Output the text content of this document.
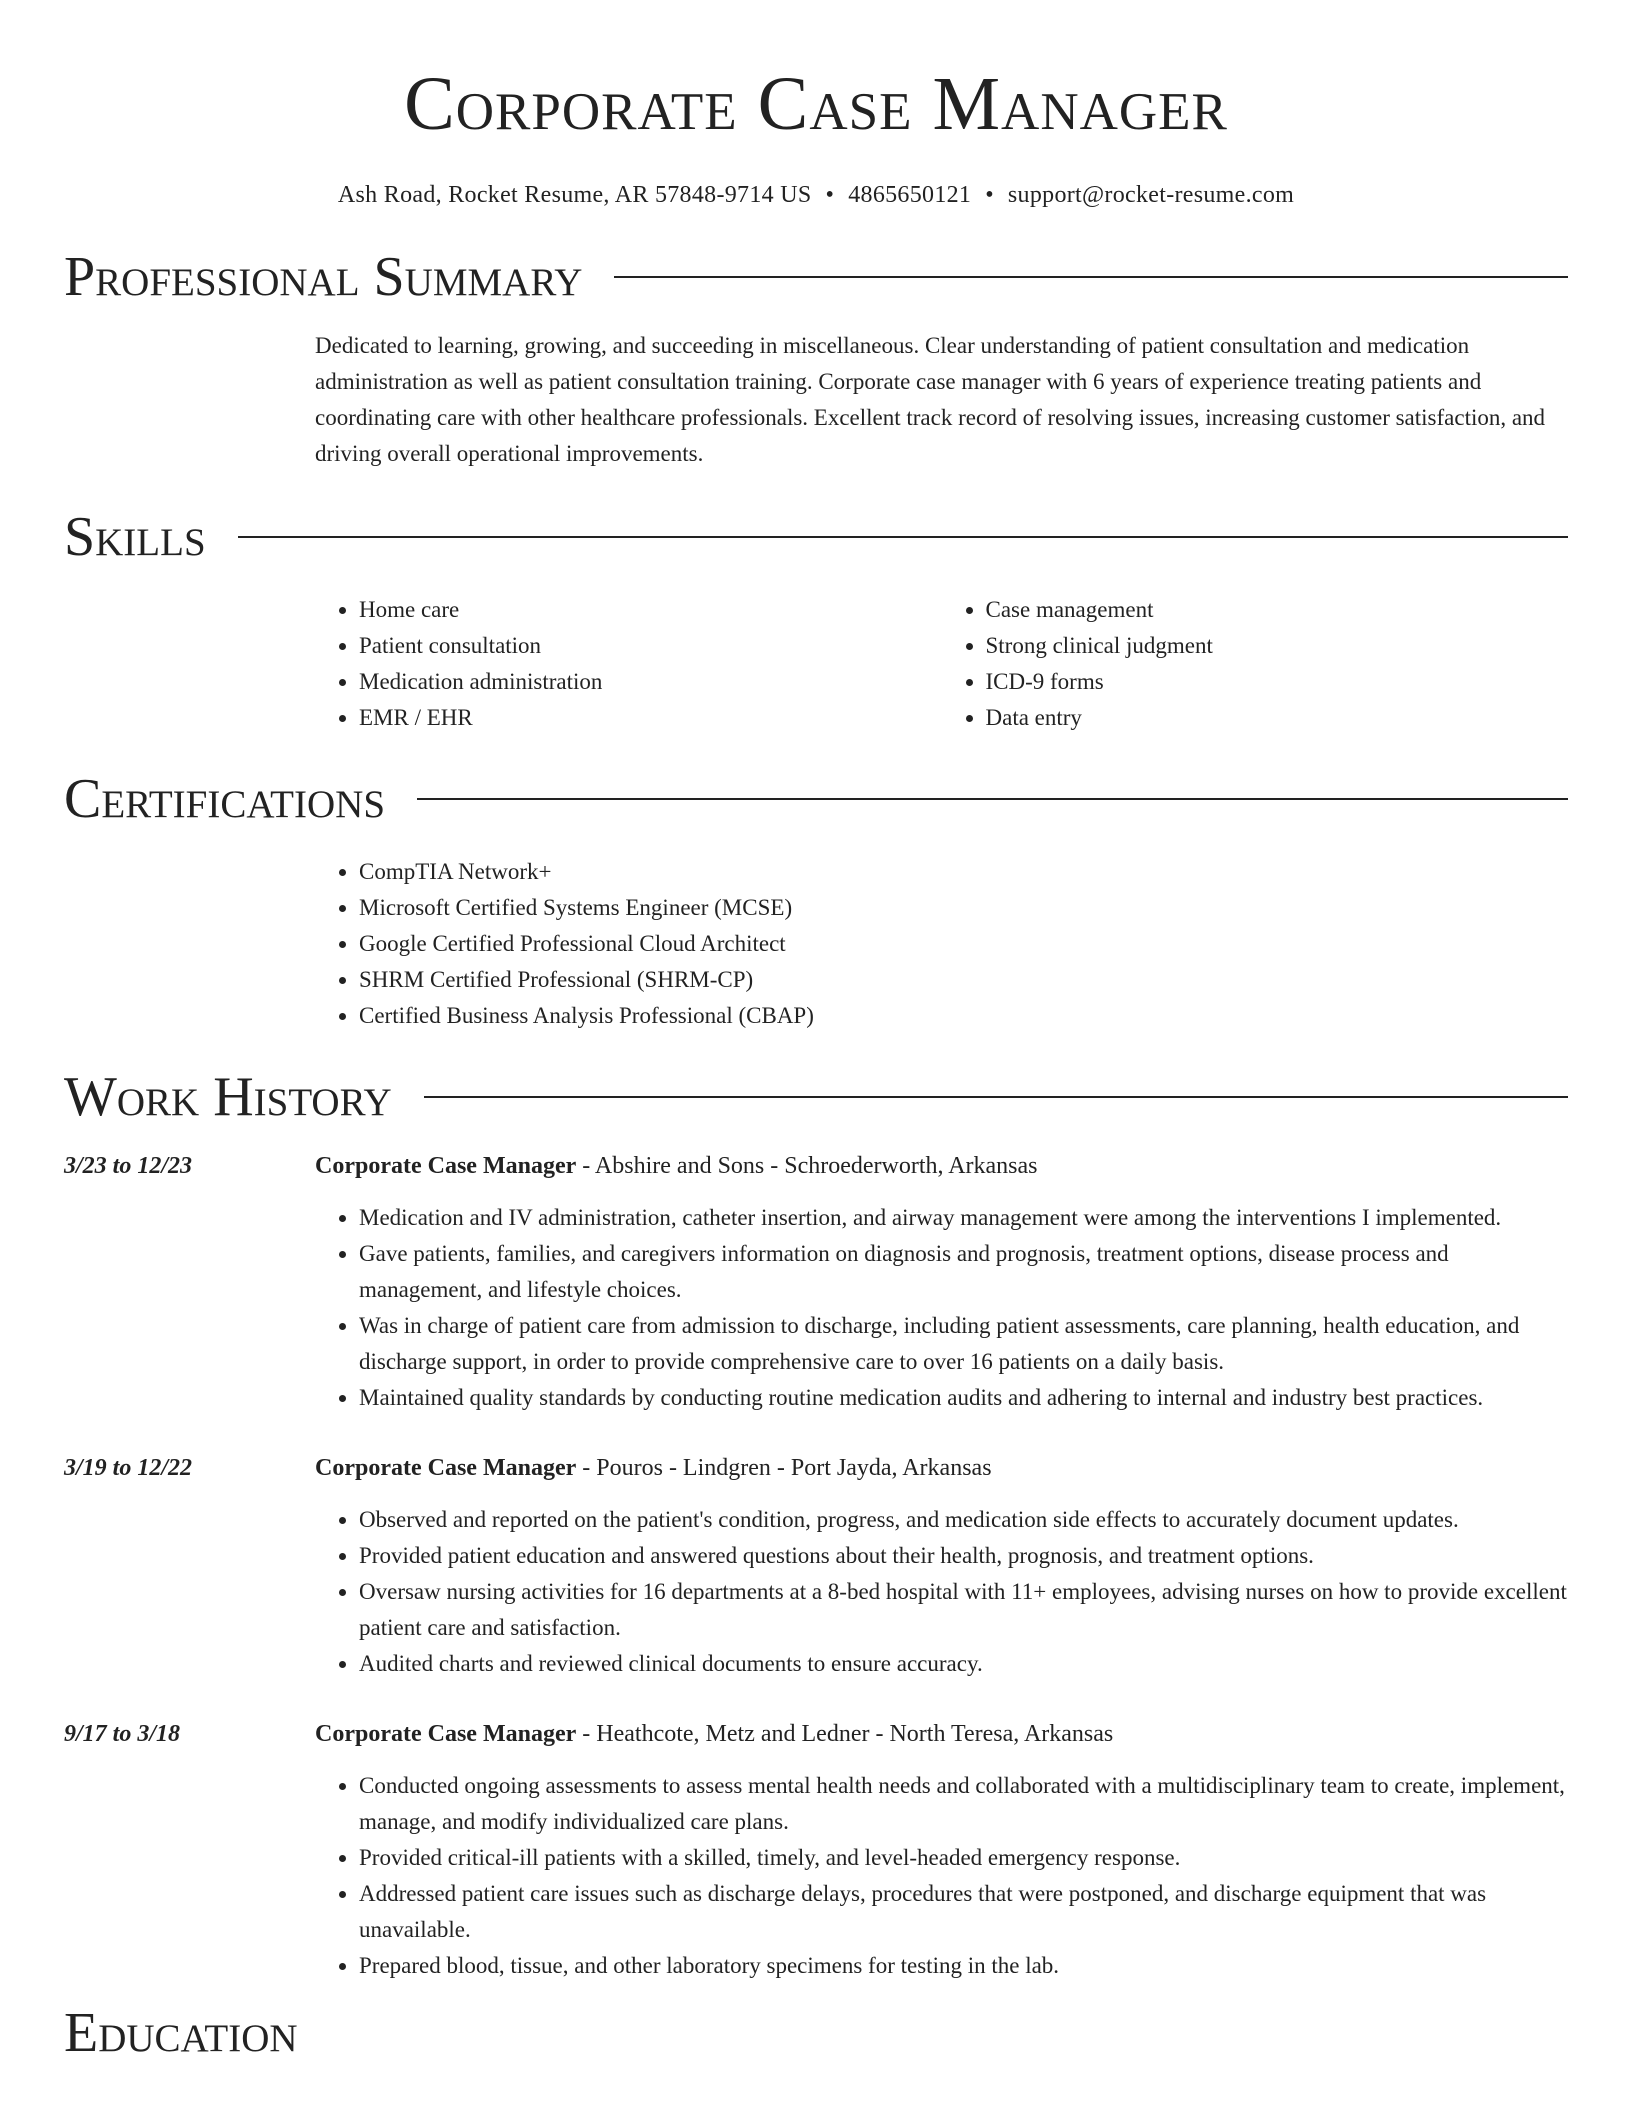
Corporate Case Manager
Ash Road, Rocket Resume, AR 57848-9714 US • 4865650121 • support@rocket-resume.com
Professional Summary
Dedicated to learning, growing, and succeeding in miscellaneous. Clear understanding of patient consultation and medication administration as well as patient consultation training. Corporate case manager with 6 years of experience treating patients and coordinating care with other healthcare professionals. Excellent track record of resolving issues, increasing customer satisfaction, and driving overall operational improvements.
Skills
• Home care
• Patient consultation
• Medication administration
• EMR / EHR
• Case management
• Strong clinical judgment
• ICD-9 forms
• Data entry
Certifications
• CompTIA Network+
• Microsoft Certified Systems Engineer (MCSE)
• Google Certified Professional Cloud Architect
• SHRM Certified Professional (SHRM-CP)
• Certified Business Analysis Professional (CBAP)
Work History
3/23 to 12/23	Corporate Case Manager - Abshire and Sons - Schroederworth, Arkansas
• Medication and IV administration, catheter insertion, and airway management were among the interventions I implemented.
• Gave patients, families, and caregivers information on diagnosis and prognosis, treatment options, disease process and management, and lifestyle choices.
• Was in charge of patient care from admission to discharge, including patient assessments, care planning, health education, and discharge support, in order to provide comprehensive care to over 16 patients on a daily basis.
• Maintained quality standards by conducting routine medication audits and adhering to internal and industry best practices.
3/19 to 12/22	Corporate Case Manager - Pouros - Lindgren - Port Jayda, Arkansas
• Observed and reported on the patient's condition, progress, and medication side effects to accurately document updates.
• Provided patient education and answered questions about their health, prognosis, and treatment options.
• Oversaw nursing activities for 16 departments at a 8-bed hospital with 11+ employees, advising nurses on how to provide excellent patient care and satisfaction.
• Audited charts and reviewed clinical documents to ensure accuracy.
9/17 to 3/18	Corporate Case Manager - Heathcote, Metz and Ledner - North Teresa, Arkansas
• Conducted ongoing assessments to assess mental health needs and collaborated with a multidisciplinary team to create, implement, manage, and modify individualized care plans.
• Provided critical-ill patients with a skilled, timely, and level-headed emergency response.
• Addressed patient care issues such as discharge delays, procedures that were postponed, and discharge equipment that was unavailable.
• Prepared blood, tissue, and other laboratory specimens for testing in the lab.
Education
